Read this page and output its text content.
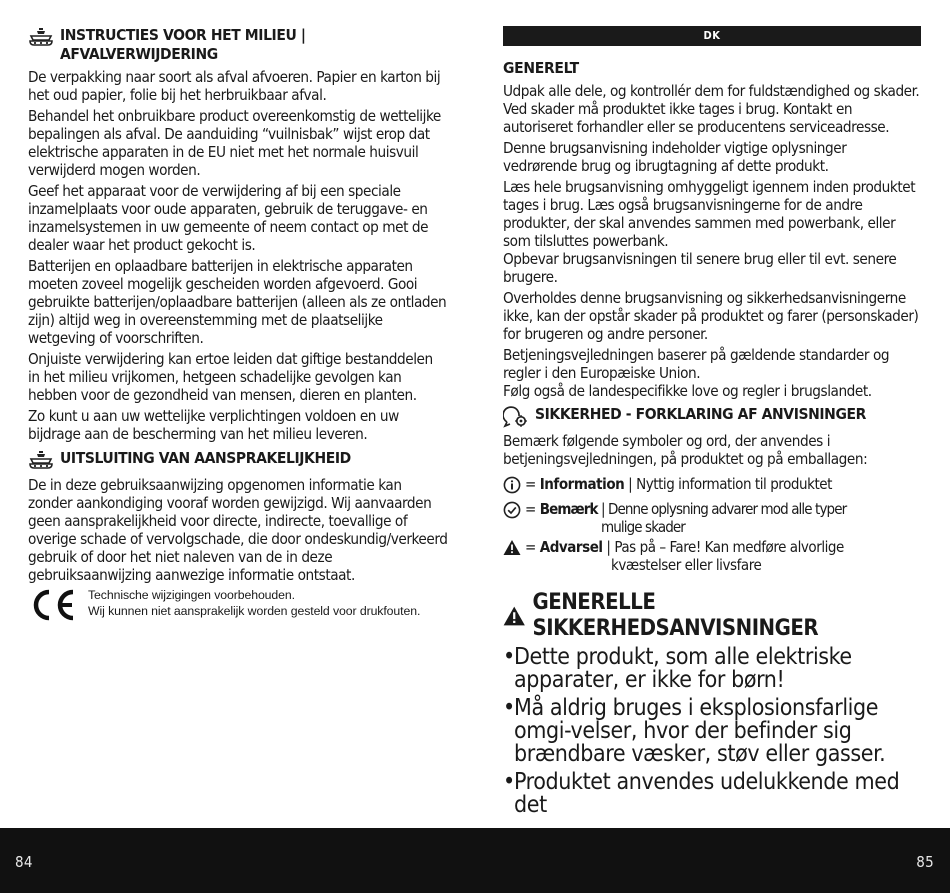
INSTRUCTIES VOOR HET MILIEU | AFVALVERWIJDERING

De verpakking naar soort als afval afvoeren. Papier en karton bij het oud papier, folie bij het herbruikbaar afval.

Behandel het onbruikbare product overeenkomstig de wettelijke bepalingen als afval. De aanduiding “vuilnisbak” wijst erop dat elektrische apparaten in de EU niet met het normale huisvuil verwijderd mogen worden.

Geef het apparaat voor de verwijdering af bij een speciale inzamelplaats voor oude apparaten, gebruik de teruggave- en inzamelsystemen in uw gemeente of neem contact op met de dealer waar het product gekocht is.

Batterijen en oplaadbare batterijen in elektrische apparaten moeten zoveel mogelijk gescheiden worden afgevoerd. Gooi gebruikte batterijen/oplaadbare batterijen (alleen als ze ontladen zijn) altijd weg in overeenstemming met de plaatselijke wetgeving of voorschriften.

Onjuiste verwijdering kan ertoe leiden dat giftige bestanddelen in het milieu vrijkomen, hetgeen schadelijke gevolgen kan hebben voor de gezondheid van mensen, dieren en planten.

Zo kunt u aan uw wettelijke verplichtingen voldoen en uw bijdrage aan de bescherming van het milieu leveren.

UITSLUITING VAN AANSPRAKELIJKHEID

De in deze gebruiksaanwijzing opgenomen informatie kan zonder aankondiging vooraf worden gewijzigd. Wij aanvaarden geen aansprakelijkheid voor directe, indirecte, toevallige of overige schade of vervolgschade, die door ondeskundig/verkeerd gebruik of door het niet naleven van de in deze gebruiksaanwijzing aanwezige informatie ontstaat.

CE	Technische wijzigingen voorbehouden.
Wij kunnen niet aansprakelijk worden gesteld voor drukfouten.
DK
GENERELT

Udpak alle dele, og kontrollér dem for fuldstændighed og skader. Ved skader må produktet ikke tages i brug. Kontakt en autoriseret forhandler eller se producentens serviceadresse.

Denne brugsanvisning indeholder vigtige oplysninger vedrørende brug og ibrugtagning af dette produkt.

Læs hele brugsanvisning omhyggeligt igennem inden produktet tages i brug. Læs også brugsanvisningerne for de andre produkter, der skal anvendes sammen med powerbank, eller som tilsluttes powerbank.

Opbevar brugsanvisningen til senere brug eller til evt. senere brugere.

Overholdes denne brugsanvisning og sikkerhedsanvisningerne ikke, kan der opstår skader på produktet og farer (personskader) for brugeren og andre personer.

Betjeningsvejledningen baserer på gældende standarder og regler i den Europæiske Union.

Følg også de landespecifikke love og regler i brugslandet.

SIKKERHED - FORKLARING AF ANVISNINGER

Bemærk følgende symboler og ord, der anvendes i betjeningsvejledningen, på produktet og på emballagen:

= Information | Nyttig information til produktet
= Bemærk | Denne oplysning advarer mod alle typer
mulige skader
= Advarsel | Pas på – Fare! Kan medføre alvorlige
kvæstelser eller livsfare
GENERELLE SIKKERHEDSANVISNINGER
• Dette produkt, som alle elektriske apparater, er ikke for børn!
• Må aldrig bruges i eksplosionsfarlige omgi-velser, hvor der befinder sig brændbare væsker, støv eller gasser.
• Produktet anvendes udelukkende med det
84	85
